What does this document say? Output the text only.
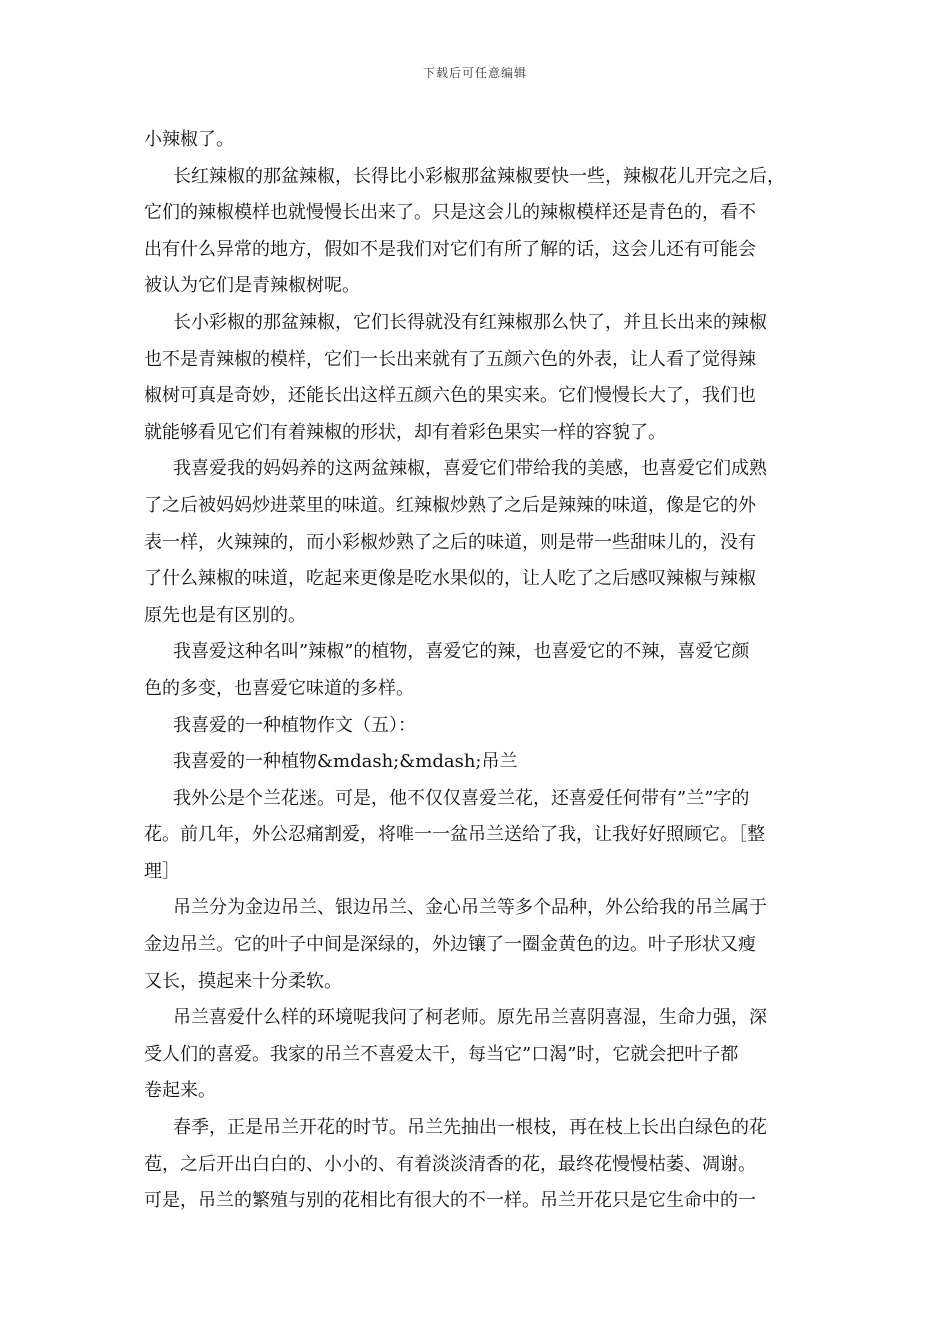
下载后可任意编辑
小辣椒了。
长红辣椒的那盆辣椒，长得比小彩椒那盆辣椒要快一些，辣椒花儿开完之后，
它们的辣椒模样也就慢慢长出来了。只是这会儿的辣椒模样还是青色的，看不
出有什么异常的地方，假如不是我们对它们有所了解的话，这会儿还有可能会
被认为它们是青辣椒树呢。
长小彩椒的那盆辣椒，它们长得就没有红辣椒那么快了，并且长出来的辣椒
也不是青辣椒的模样，它们一长出来就有了五颜六色的外表，让人看了觉得辣
椒树可真是奇妙，还能长出这样五颜六色的果实来。它们慢慢长大了，我们也
就能够看见它们有着辣椒的形状，却有着彩色果实一样的容貌了。
我喜爱我的妈妈养的这两盆辣椒，喜爱它们带给我的美感，也喜爱它们成熟
了之后被妈妈炒进菜里的味道。红辣椒炒熟了之后是辣辣的味道，像是它的外
表一样，火辣辣的，而小彩椒炒熟了之后的味道，则是带一些甜味儿的，没有
了什么辣椒的味道，吃起来更像是吃水果似的，让人吃了之后感叹辣椒与辣椒
原先也是有区别的。
我喜爱这种名叫”辣椒”的植物，喜爱它的辣，也喜爱它的不辣，喜爱它颜
色的多变，也喜爱它味道的多样。
我喜爱的一种植物作文（五）：
我喜爱的一种植物&mdash;&mdash;吊兰
我外公是个兰花迷。可是，他不仅仅喜爱兰花，还喜爱任何带有”兰”字的
花。前几年，外公忍痛割爱，将唯一一盆吊兰送给了我，让我好好照顾它。［整
理］
吊兰分为金边吊兰、银边吊兰、金心吊兰等多个品种，外公给我的吊兰属于
金边吊兰。它的叶子中间是深绿的，外边镶了一圈金黄色的边。叶子形状又瘦
又长，摸起来十分柔软。
吊兰喜爱什么样的环境呢我问了柯老师。原先吊兰喜阴喜湿，生命力强，深
受人们的喜爱。我家的吊兰不喜爱太干，每当它”口渴”时，它就会把叶子都
卷起来。
春季，正是吊兰开花的时节。吊兰先抽出一根枝，再在枝上长出白绿色的花
苞，之后开出白白的、小小的、有着淡淡清香的花，最终花慢慢枯萎、凋谢。
可是，吊兰的繁殖与别的花相比有很大的不一样。吊兰开花只是它生命中的一
